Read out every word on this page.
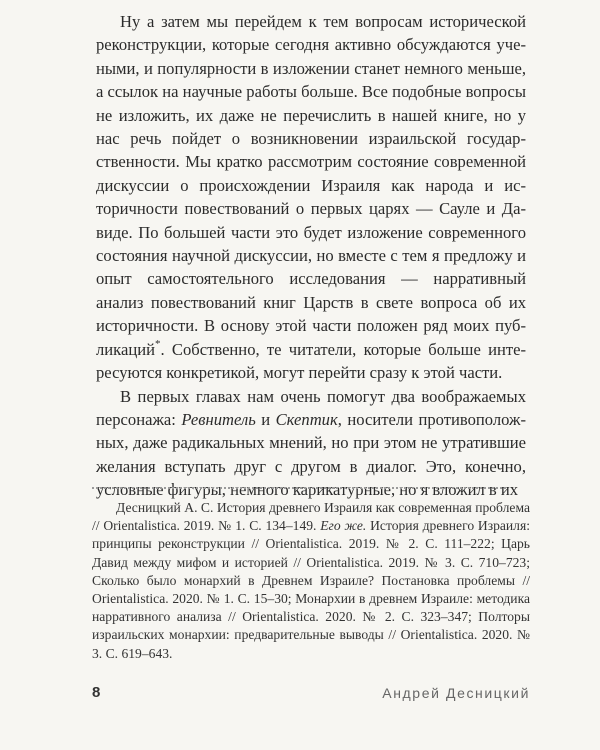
Ну а затем мы перейдем к тем вопросам исторической реконструкции, которые сегодня активно обсуждаются учеными, и популярности в изложении станет немного меньше, а ссылок на научные работы больше. Все подобные вопросы не изложить, их даже не перечислить в нашей книге, но у нас речь пойдет о возникновении израильской государственности. Мы кратко рассмотрим состояние современной дискуссии о происхождении Израиля как народа и историчности повествований о первых царях — Сауле и Давиде. По большей части это будет изложение современного состояния научной дискуссии, но вместе с тем я предложу и опыт самостоятельного исследования — нарративный анализ повествований книг Царств в свете вопроса об их историчности. В основу этой части положен ряд моих публикаций*. Собственно, те читатели, которые больше интересуются конкретикой, могут перейти сразу к этой части.

В первых главах нам очень помогут два воображаемых персонажа: Ревнитель и Скептик, носители противоположных, даже радикальных мнений, но при этом не утратившие желания вступать друг с другом в диалог. Это, конечно, условные фигуры, немного карикатурные, но я вложил в их

Десницкий А. С. История древнего Израиля как современная проблема // Orientalistica. 2019. № 1. С. 134–149. Его же. История древнего Израиля: принципы реконструкции // Orientalistica. 2019. № 2. С. 111–222; Царь Давид между мифом и историей // Orientalistica. 2019. № 3. С. 710–723; Сколько было монархий в Древнем Израиле? Постановка проблемы // Orientalistica. 2020. № 1. С. 15–30; Монархии в древнем Израиле: методика нарративного анализа // Orientalistica. 2020. № 2. С. 323–347; Полторы израильских монархии: предварительные выводы // Orientalistica. 2020. № 3. С. 619–643.

8	Андрей Десницкий
